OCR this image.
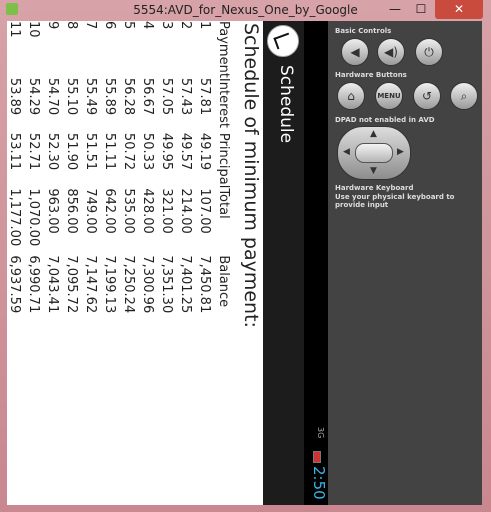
5554:AVD_for_Nexus_One_by_Google	—	☐	✕
Schedule of minimum payment:
Payment	Interest	Principal	Total	Balance
1	57.81	49.19	107.00	7,450.81
2	57.43	49.57	214.00	7,401.25
3	57.05	49.95	321.00	7,351.30
4	56.67	50.33	428.00	7,300.96
5	56.28	50.72	535.00	7,250.24
6	55.89	51.11	642.00	7,199.13
7	55.49	51.51	749.00	7,147.62
8	55.10	51.90	856.00	7,095.72
9	54.70	52.30	963.00	7,043.41
10	54.29	52.71	1,070.00	6,990.71
11	53.89	53.11	1,177.00	6,937.59
Schedule
3G
2:50
Basic Controls
◀	◀)	⏻
Hardware Buttons
⌂	MENU	↺	⌕
DPAD not enabled in AVD
▲
▼
◀	▶
Hardware Keyboard
Use your physical keyboard to provide input
